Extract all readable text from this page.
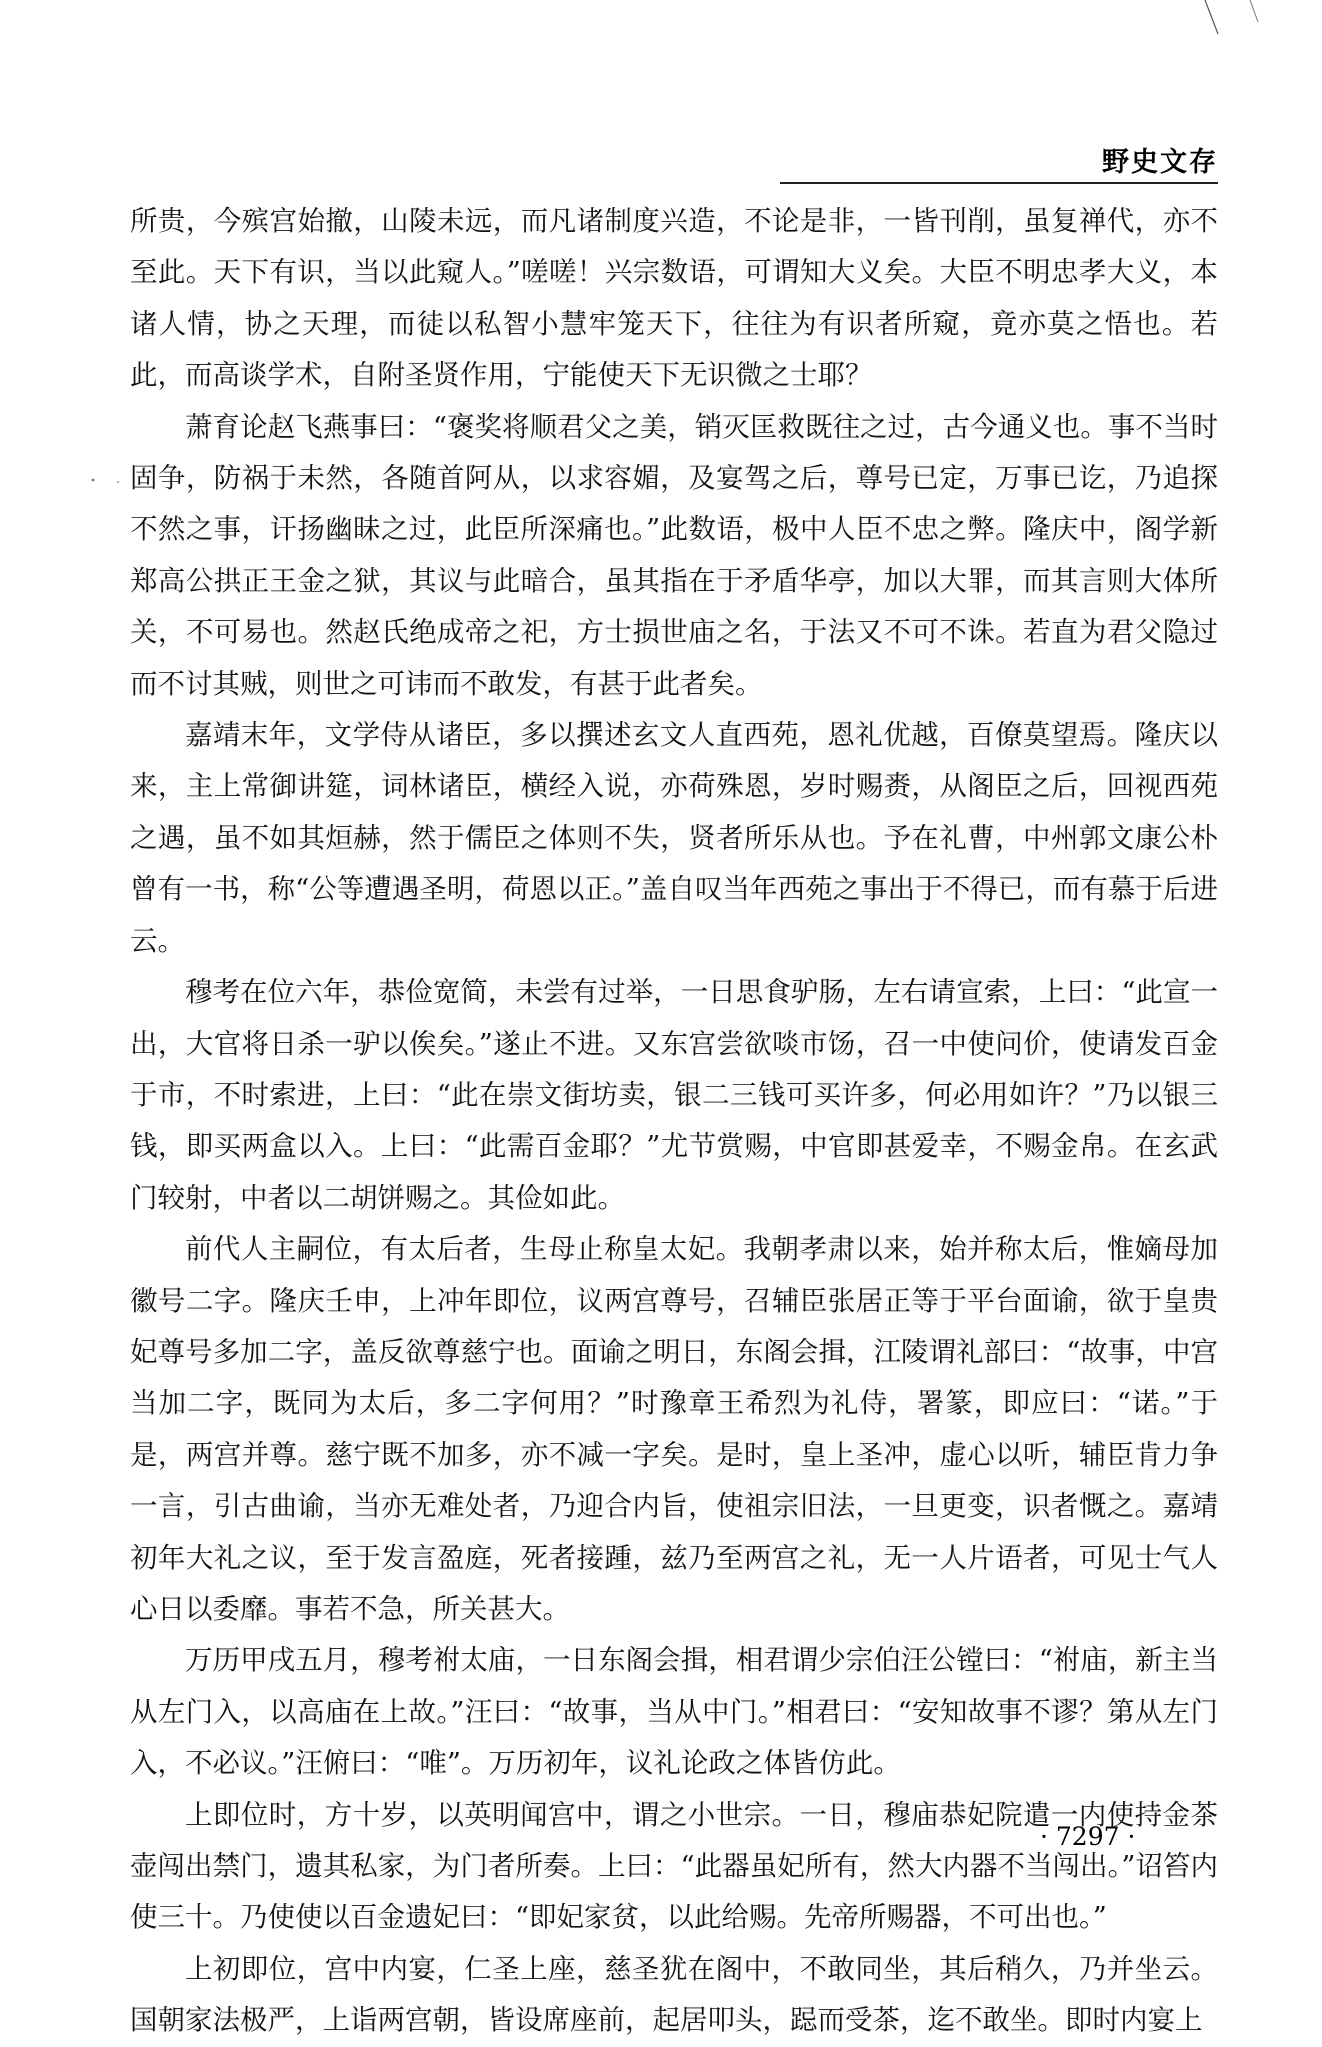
野史文存

所贵，今殡宫始撤，山陵未远，而凡诸制度兴造，不论是非，一皆刊削，虽复禅代，亦不至此。天下有识，当以此窥人。”嗟嗟！兴宗数语，可谓知大义矣。大臣不明忠孝大义，本诸人情，协之天理，而徒以私智小慧牢笼天下，往往为有识者所窥，竟亦莫之悟也。若此，而高谈学术，自附圣贤作用，宁能使天下无识微之士耶？

萧育论赵飞燕事曰：“褒奖将顺君父之美，销灭匡救既往之过，古今通义也。事不当时固争，防祸于未然，各随首阿从，以求容媚，及宴驾之后，尊号已定，万事已讫，乃追探不然之事，讦扬幽昧之过，此臣所深痛也。”此数语，极中人臣不忠之弊。隆庆中，阁学新郑高公拱正王金之狱，其议与此暗合，虽其指在于矛盾华亭，加以大罪，而其言则大体所关，不可易也。然赵氏绝成帝之祀，方士损世庙之名，于法又不可不诛。若直为君父隐过而不讨其贼，则世之可讳而不敢发，有甚于此者矣。

嘉靖末年，文学侍从诸臣，多以撰述玄文人直西苑，恩礼优越，百僚莫望焉。隆庆以来，主上常御讲筵，词林诸臣，横经入说，亦荷殊恩，岁时赐赉，从阁臣之后，回视西苑之遇，虽不如其烜赫，然于儒臣之体则不失，贤者所乐从也。予在礼曹，中州郭文康公朴曾有一书，称“公等遭遇圣明，荷恩以正。”盖自叹当年西苑之事出于不得已，而有慕于后进云。

穆考在位六年，恭俭宽简，未尝有过举，一日思食驴肠，左右请宣索，上曰：“此宣一出，大官将日杀一驴以俟矣。”遂止不进。又东宫尝欲啖市饧，召一中使问价，使请发百金于市，不时索进，上曰：“此在崇文街坊卖，银二三钱可买许多，何必用如许？”乃以银三钱，即买两盒以入。上曰：“此需百金耶？”尤节赏赐，中官即甚爱幸，不赐金帛。在玄武门较射，中者以二胡饼赐之。其俭如此。

前代人主嗣位，有太后者，生母止称皇太妃。我朝孝肃以来，始并称太后，惟嫡母加徽号二字。隆庆壬申，上冲年即位，议两宫尊号，召辅臣张居正等于平台面谕，欲于皇贵妃尊号多加二字，盖反欲尊慈宁也。面谕之明日，东阁会揖，江陵谓礼部曰：“故事，中宫当加二字，既同为太后，多二字何用？”时豫章王希烈为礼侍，署篆，即应曰：“诺。”于是，两宫并尊。慈宁既不加多，亦不减一字矣。是时，皇上圣冲，虚心以听，辅臣肯力争一言，引古曲谕，当亦无难处者，乃迎合内旨，使祖宗旧法，一旦更变，识者慨之。嘉靖初年大礼之议，至于发言盈庭，死者接踵，兹乃至两宫之礼，无一人片语者，可见士气人心日以委靡。事若不急，所关甚大。

万历甲戌五月，穆考祔太庙，一日东阁会揖，相君谓少宗伯汪公镗曰：“祔庙，新主当从左门入，以高庙在上故。”汪曰：“故事，当从中门。”相君曰：“安知故事不谬？第从左门入，不必议。”汪俯曰：“唯”。万历初年，议礼论政之体皆仿此。

上即位时，方十岁，以英明闻宫中，谓之小世宗。一日，穆庙恭妃院遣一内使持金茶壶闯出禁门，遗其私家，为门者所奏。上曰：“此器虽妃所有，然大内器不当闯出。”诏笞内使三十。乃使使以百金遗妃曰：“即妃家贫，以此给赐。先帝所赐器，不可出也。”

上初即位，宫中内宴，仁圣上座，慈圣犹在阁中，不敢同坐，其后稍久，乃并坐云。国朝家法极严，上诣两宫朝，皆设席座前，起居叩头，跽而受茶，迄不敢坐。即时内宴上

· 7297 ·
